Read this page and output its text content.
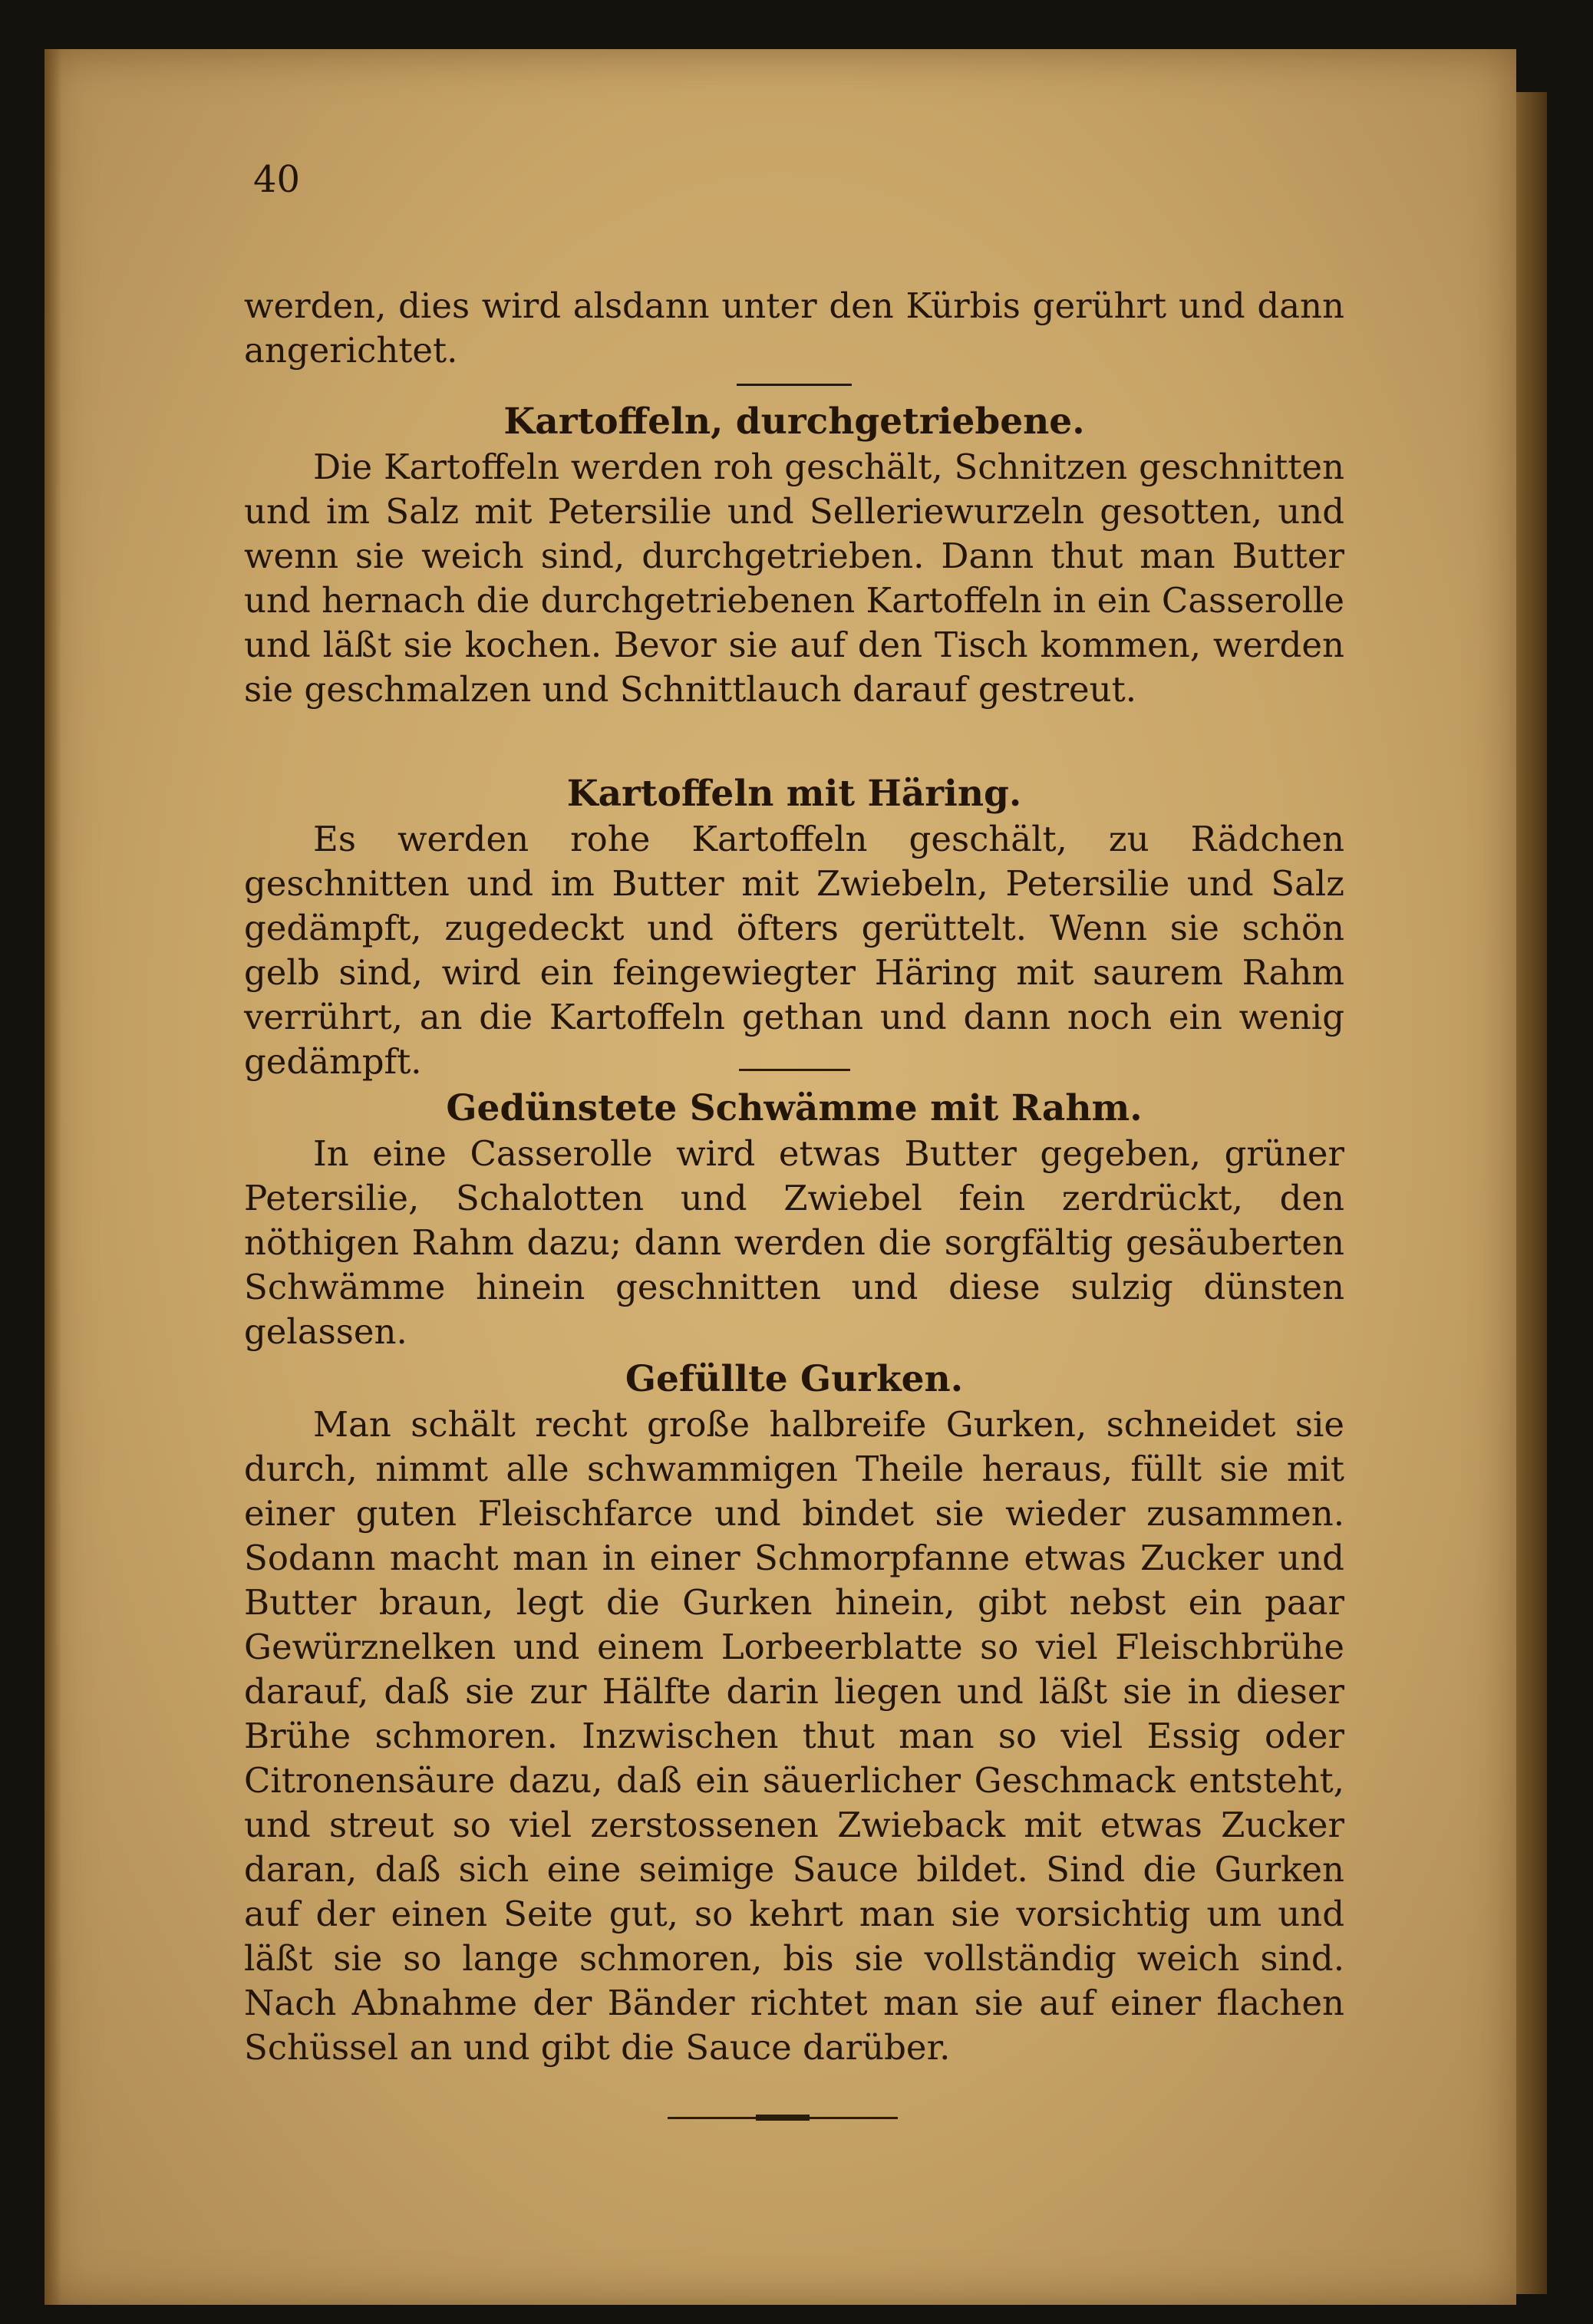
40

werden, dies wird alsdann unter den Kürbis gerührt und dann angerichtet.

Kartoffeln, durchgetriebene.

Die Kartoffeln werden roh geschält, Schnitzen geschnitten und im Salz mit Petersilie und Selleriewurzeln gesotten, und wenn sie weich sind, durchgetrieben. Dann thut man Butter und hernach die durchgetriebenen Kartoffeln in ein Casserolle und läßt sie kochen. Bevor sie auf den Tisch kommen, werden sie geschmalzen und Schnittlauch darauf gestreut.

Kartoffeln mit Häring.

Es werden rohe Kartoffeln geschält, zu Rädchen geschnitten und im Butter mit Zwiebeln, Petersilie und Salz gedämpft, zugedeckt und öfters gerüttelt. Wenn sie schön gelb sind, wird ein feingewiegter Häring mit saurem Rahm verrührt, an die Kartoffeln gethan und dann noch ein wenig gedämpft.

Gedünstete Schwämme mit Rahm.

In eine Casserolle wird etwas Butter gegeben, grüner Petersilie, Schalotten und Zwiebel fein zerdrückt, den nöthigen Rahm dazu; dann werden die sorgfältig gesäuberten Schwämme hinein geschnitten und diese sulzig dünsten gelassen.

Gefüllte Gurken.

Man schält recht große halbreife Gurken, schneidet sie durch, nimmt alle schwammigen Theile heraus, füllt sie mit einer guten Fleischfarce und bindet sie wieder zusammen. Sodann macht man in einer Schmorpfanne etwas Zucker und Butter braun, legt die Gurken hinein, gibt nebst ein paar Gewürznelken und einem Lorbeerblatte so viel Fleischbrühe darauf, daß sie zur Hälfte darin liegen und läßt sie in dieser Brühe schmoren. Inzwischen thut man so viel Essig oder Citronensäure dazu, daß ein säuerlicher Geschmack entsteht, und streut so viel zerstossenen Zwieback mit etwas Zucker daran, daß sich eine seimige Sauce bildet. Sind die Gurken auf der einen Seite gut, so kehrt man sie vorsichtig um und läßt sie so lange schmoren, bis sie vollständig weich sind. Nach Abnahme der Bänder richtet man sie auf einer flachen Schüssel an und gibt die Sauce darüber.
